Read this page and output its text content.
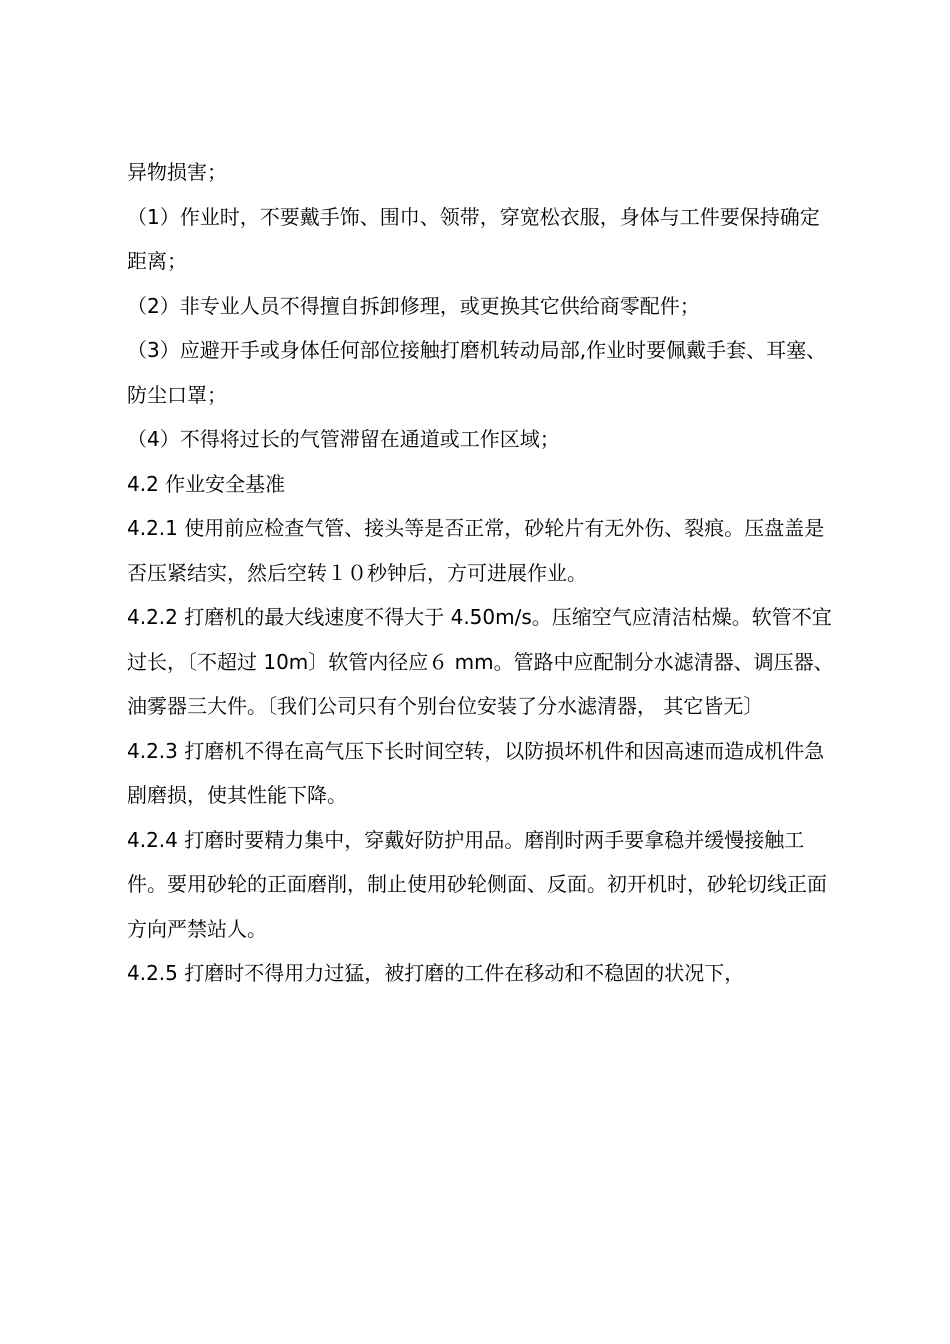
异物损害；

（1）作业时，不要戴手饰、围巾、领带，穿宽松衣服，身体与工件要保持确定距离；

（2）非专业人员不得擅自拆卸修理，或更换其它供给商零配件；

（3）应避开手或身体任何部位接触打磨机转动局部,作业时要佩戴手套、耳塞、防尘口罩；

（4）不得将过长的气管滞留在通道或工作区域；

4.2 作业安全基准

4.2.1 使用前应检查气管、接头等是否正常，砂轮片有无外伤、裂痕。压盘盖是否压紧结实，然后空转１０秒钟后，方可进展作业。

4.2.2 打磨机的最大线速度不得大于 4.50m/s。压缩空气应清洁枯燥。软管不宜过长，〔不超过 10m〕软管内径应６ mm。管路中应配制分水滤清器、调压器、油雾器三大件。〔我们公司只有个别台位安装了分水滤清器， 其它皆无〕

4.2.3 打磨机不得在高气压下长时间空转，以防损坏机件和因高速而造成机件急剧磨损，使其性能下降。

4.2.4 打磨时要精力集中，穿戴好防护用品。磨削时两手要拿稳并缓慢接触工件。要用砂轮的正面磨削，制止使用砂轮侧面、反面。初开机时，砂轮切线正面方向严禁站人。

4.2.5 打磨时不得用力过猛，被打磨的工件在移动和不稳固的状况下，
